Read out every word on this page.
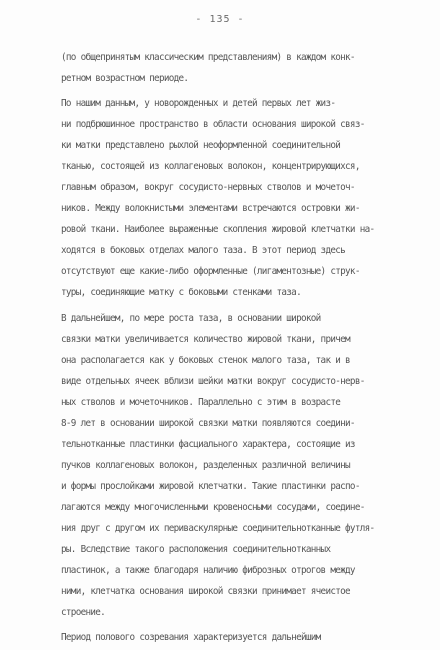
- 135 -
(по общепринятым классическим представлениям) в каждом конк-
ретном возрастном периоде.
По нашим данным, у новорожденных и детей первых лет жиз-
ни подбрюшинное пространство в области основания широкой связ-
ки матки представлено рыхлой неоформленной соединительной
тканью, состоящей из коллагеновых волокон, концентрирующихся,
главным образом, вокруг сосудисто-нервных стволов и мочеточ-
ников. Между волокнистыми элементами встречаются островки жи-
ровой ткани. Наиболее выраженные скопления жировой клетчатки на-
ходятся в боковых отделах малого таза. В этот период здесь
отсутствуют еще какие-либо оформленные (лигаментозные) струк-
туры, соединяющие матку с боковыми стенками таза.
В дальнейшем, по мере роста таза, в основании широкой
связки матки увеличивается количество жировой ткани, причем
она располагается как у боковых стенок малого таза, так и в
виде отдельных ячеек вблизи шейки матки вокруг сосудисто-нерв-
ных стволов и мочеточников. Параллельно с этим в возрасте
8-9 лет в основании широкой связки матки появляются соедини-
тельнотканные пластинки фасциального характера, состоящие из
пучков коллагеновых волокон, разделенных различной величины
и формы прослойками жировой клетчатки. Такие пластинки распо-
лагаются между многочисленными кровеносными сосудами, соедине-
ния друг с другом их периваскулярные соединительнотканные футля-
ры. Вследствие такого расположения соединительнотканных
пластинок, а также благодаря наличию фиброзных отрогов между
ними, клетчатка основания широкой связки принимает ячеистое
строение.
Период полового созревания характеризуется дальнейшим
